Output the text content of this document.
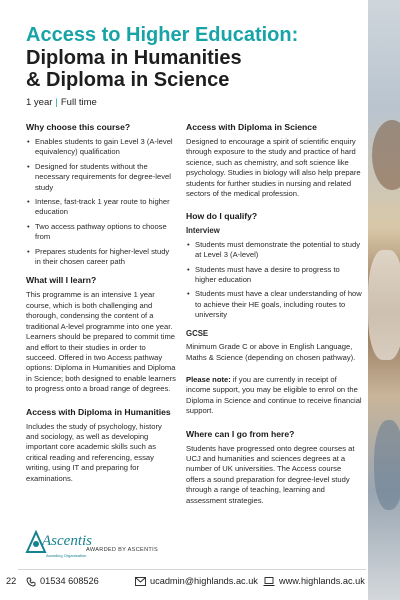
Access to Higher Education:
Diploma in Humanities
& Diploma in Science
1 year | Full time
Why choose this course?
• Enables students to gain Level 3 (A-level equivalency) qualification
• Designed for students without the necessary requirements for degree-level study
• Intense, fast-track 1 year route to higher education
• Two access pathway options to choose from
• Prepares students for higher-level study in their chosen career path
What will I learn?

This programme is an intensive 1 year course, which is both challenging and thorough, condensing the content of a traditional A-level programme into one year. Learners should be prepared to commit time and effort to their studies in order to succeed. Offered in two Access pathway options: Diploma in Humanities and Diploma in Science; both designed to enable learners to progress onto a broad range of degrees.

Access with Diploma in Humanities

Includes the study of psychology, history and sociology, as well as developing important core academic skills such as critical reading and referencing, essay writing, using IT and preparing for examinations.

Access with Diploma in Science

Designed to encourage a spirit of scientific enquiry through exposure to the study and practice of hard science, such as chemistry, and soft science like psychology. Studies in biology will also help prepare students for further studies in nursing and related sectors of the medical profession.

How do I qualify?
Interview
• Students must demonstrate the potential to study at Level 3 (A-level)
• Students must have a desire to progress to higher education
• Students must have a clear understanding of how to achieve their HE goals, including routes to university
GCSE

Minimum Grade C or above in English Language, Maths & Science (depending on chosen pathway).

Please note: if you are currently in receipt of income support, you may be eligible to enrol on the Diploma in Science and continue to receive financial support.

Where can I go from here?

Students have progressed onto degree courses at UCJ and humanities and sciences degrees at a number of UK universities. The Access course offers a sound preparation for degree-level study through a range of teaching, learning and assessment strategies.

Ascentis
Awarding Organisation
AWARDED BY ASCENTIS
22	01534 608526	ucadmin@highlands.ac.uk	www.highlands.ac.uk
